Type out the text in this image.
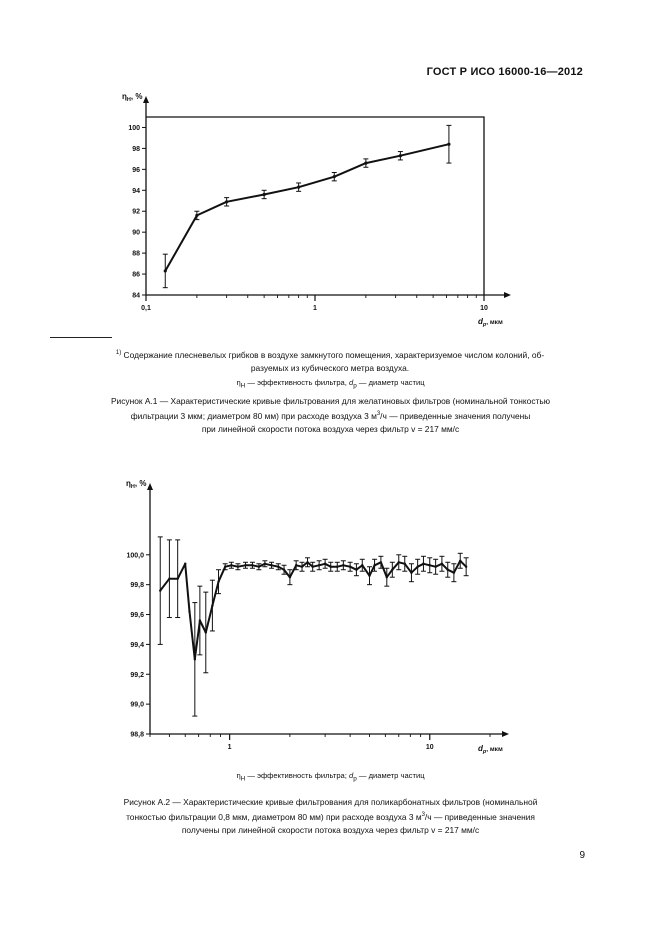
ГОСТ Р ИСО 16000-16—2012
84
86
88
90
92
94
96
98
100
0,1	1	10
$\eta_Н$, %
$d_p^{, мкм}$
$^{1)}$ Содержание плесневелых грибков в воздухе замкнутого помещения, характеризуемое числом колоний, об-
разуемых из кубического метра воздуха.
$\eta_Н$ — эффективность фильтра, $d_p$ — диаметр частиц
Рисунок А.1 — Характеристические кривые фильтрования для желатиновых фильтров (номинальной тонкостью
фильтрации 3 мкм; диаметром 80 мм) при расходе воздуха 3 $м^3/ч$ — приведенные значения получены
при линейной скорости потока воздуха через фильтр v = 217 мм/с
98,8
99,0
99,2
99,4
99,6
99,8
100,0
1	10
$\eta_Н$, %
$d_p^{, мкм}$
$\eta_Н$ — эффективность фильтра; $d_p$ — диаметр частиц
Рисунок А.2 — Характеристические кривые фильтрования для поликарбонатных фильтров (номинальной
тонкостью фильтрации 0,8 мкм, диаметром 80 мм) при расходе воздуха 3 $м^3/ч$ — приведенные значения
получены при линейной скорости потока воздуха через фильтр v = 217 мм/с
9
